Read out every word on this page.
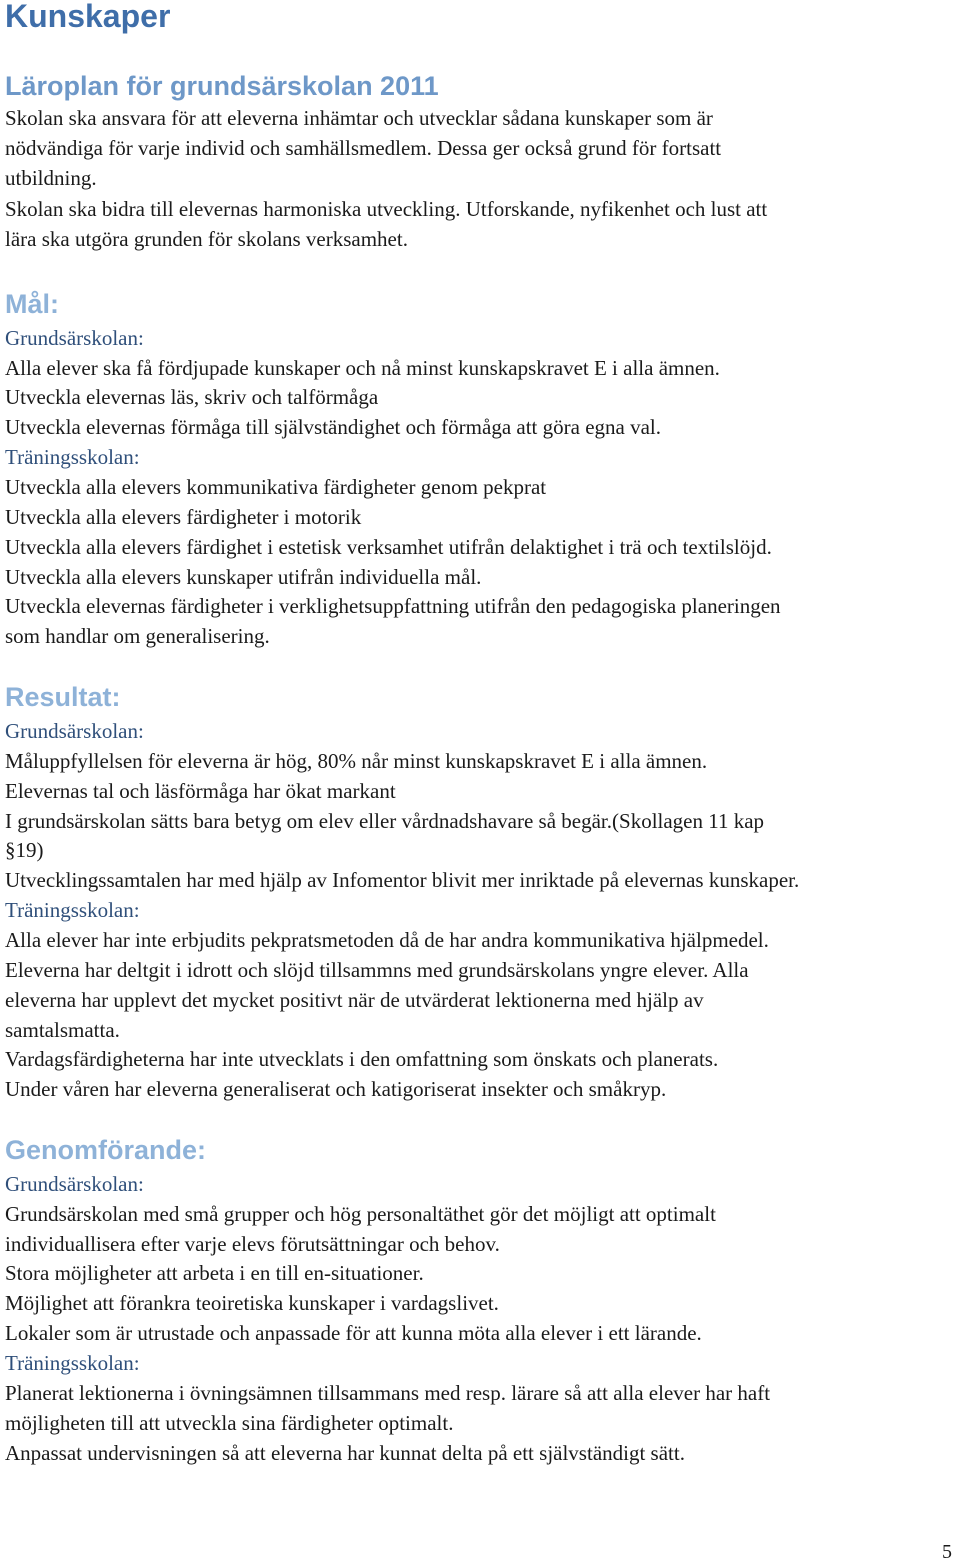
Kunskaper
Läroplan för grundsärskolan 2011

Skolan ska ansvara för att eleverna inhämtar och utvecklar sådana kunskaper som är

nödvändiga för varje individ och samhällsmedlem. Dessa ger också grund för fortsatt

utbildning.

Skolan ska bidra till elevernas harmoniska utveckling. Utforskande, nyfikenhet och lust att

lära ska utgöra grunden för skolans verksamhet.

Mål:

Grundsärskolan:

Alla elever ska få fördjupade kunskaper och nå minst kunskapskravet E i alla ämnen.

Utveckla elevernas läs, skriv och talförmåga

Utveckla elevernas förmåga till självständighet och förmåga att göra egna val.

Träningsskolan:

Utveckla alla elevers kommunikativa färdigheter genom pekprat

Utveckla alla elevers färdigheter i motorik

Utveckla alla elevers färdighet i estetisk verksamhet utifrån delaktighet i trä och textilslöjd.

Utveckla alla elevers kunskaper utifrån individuella mål.

Utveckla elevernas färdigheter i verklighetsuppfattning utifrån den pedagogiska planeringen

som handlar om generalisering.

Resultat:

Grundsärskolan:

Måluppfyllelsen för eleverna är hög, 80% når minst kunskapskravet E i alla ämnen.

Elevernas tal och läsförmåga har ökat markant

I grundsärskolan sätts bara betyg om elev eller vårdnadshavare så begär.(Skollagen 11 kap

§19)

Utvecklingssamtalen har med hjälp av Infomentor blivit mer inriktade på elevernas kunskaper.

Träningsskolan:

Alla elever har inte erbjudits pekpratsmetoden då de har andra kommunikativa hjälpmedel.

Eleverna har deltgit i idrott och slöjd tillsammns med grundsärskolans yngre elever. Alla

eleverna har upplevt det mycket positivt när de utvärderat lektionerna med hjälp av

samtalsmatta.

Vardagsfärdigheterna har inte utvecklats i den omfattning som önskats och planerats.

Under våren har eleverna generaliserat och katigoriserat insekter och småkryp.

Genomförande:

Grundsärskolan:

Grundsärskolan med små grupper och hög personaltäthet gör det möjligt att optimalt

individuallisera efter varje elevs förutsättningar och behov.

Stora möjligheter att arbeta i en till en-situationer.

Möjlighet att förankra teoiretiska kunskaper i vardagslivet.

Lokaler som är utrustade och anpassade för att kunna möta alla elever i ett lärande.

Träningsskolan:

Planerat lektionerna i övningsämnen tillsammans med resp. lärare så att alla elever har haft

möjligheten till att utveckla sina färdigheter optimalt.

Anpassat undervisningen så att eleverna har kunnat delta på ett självständigt sätt.

5
